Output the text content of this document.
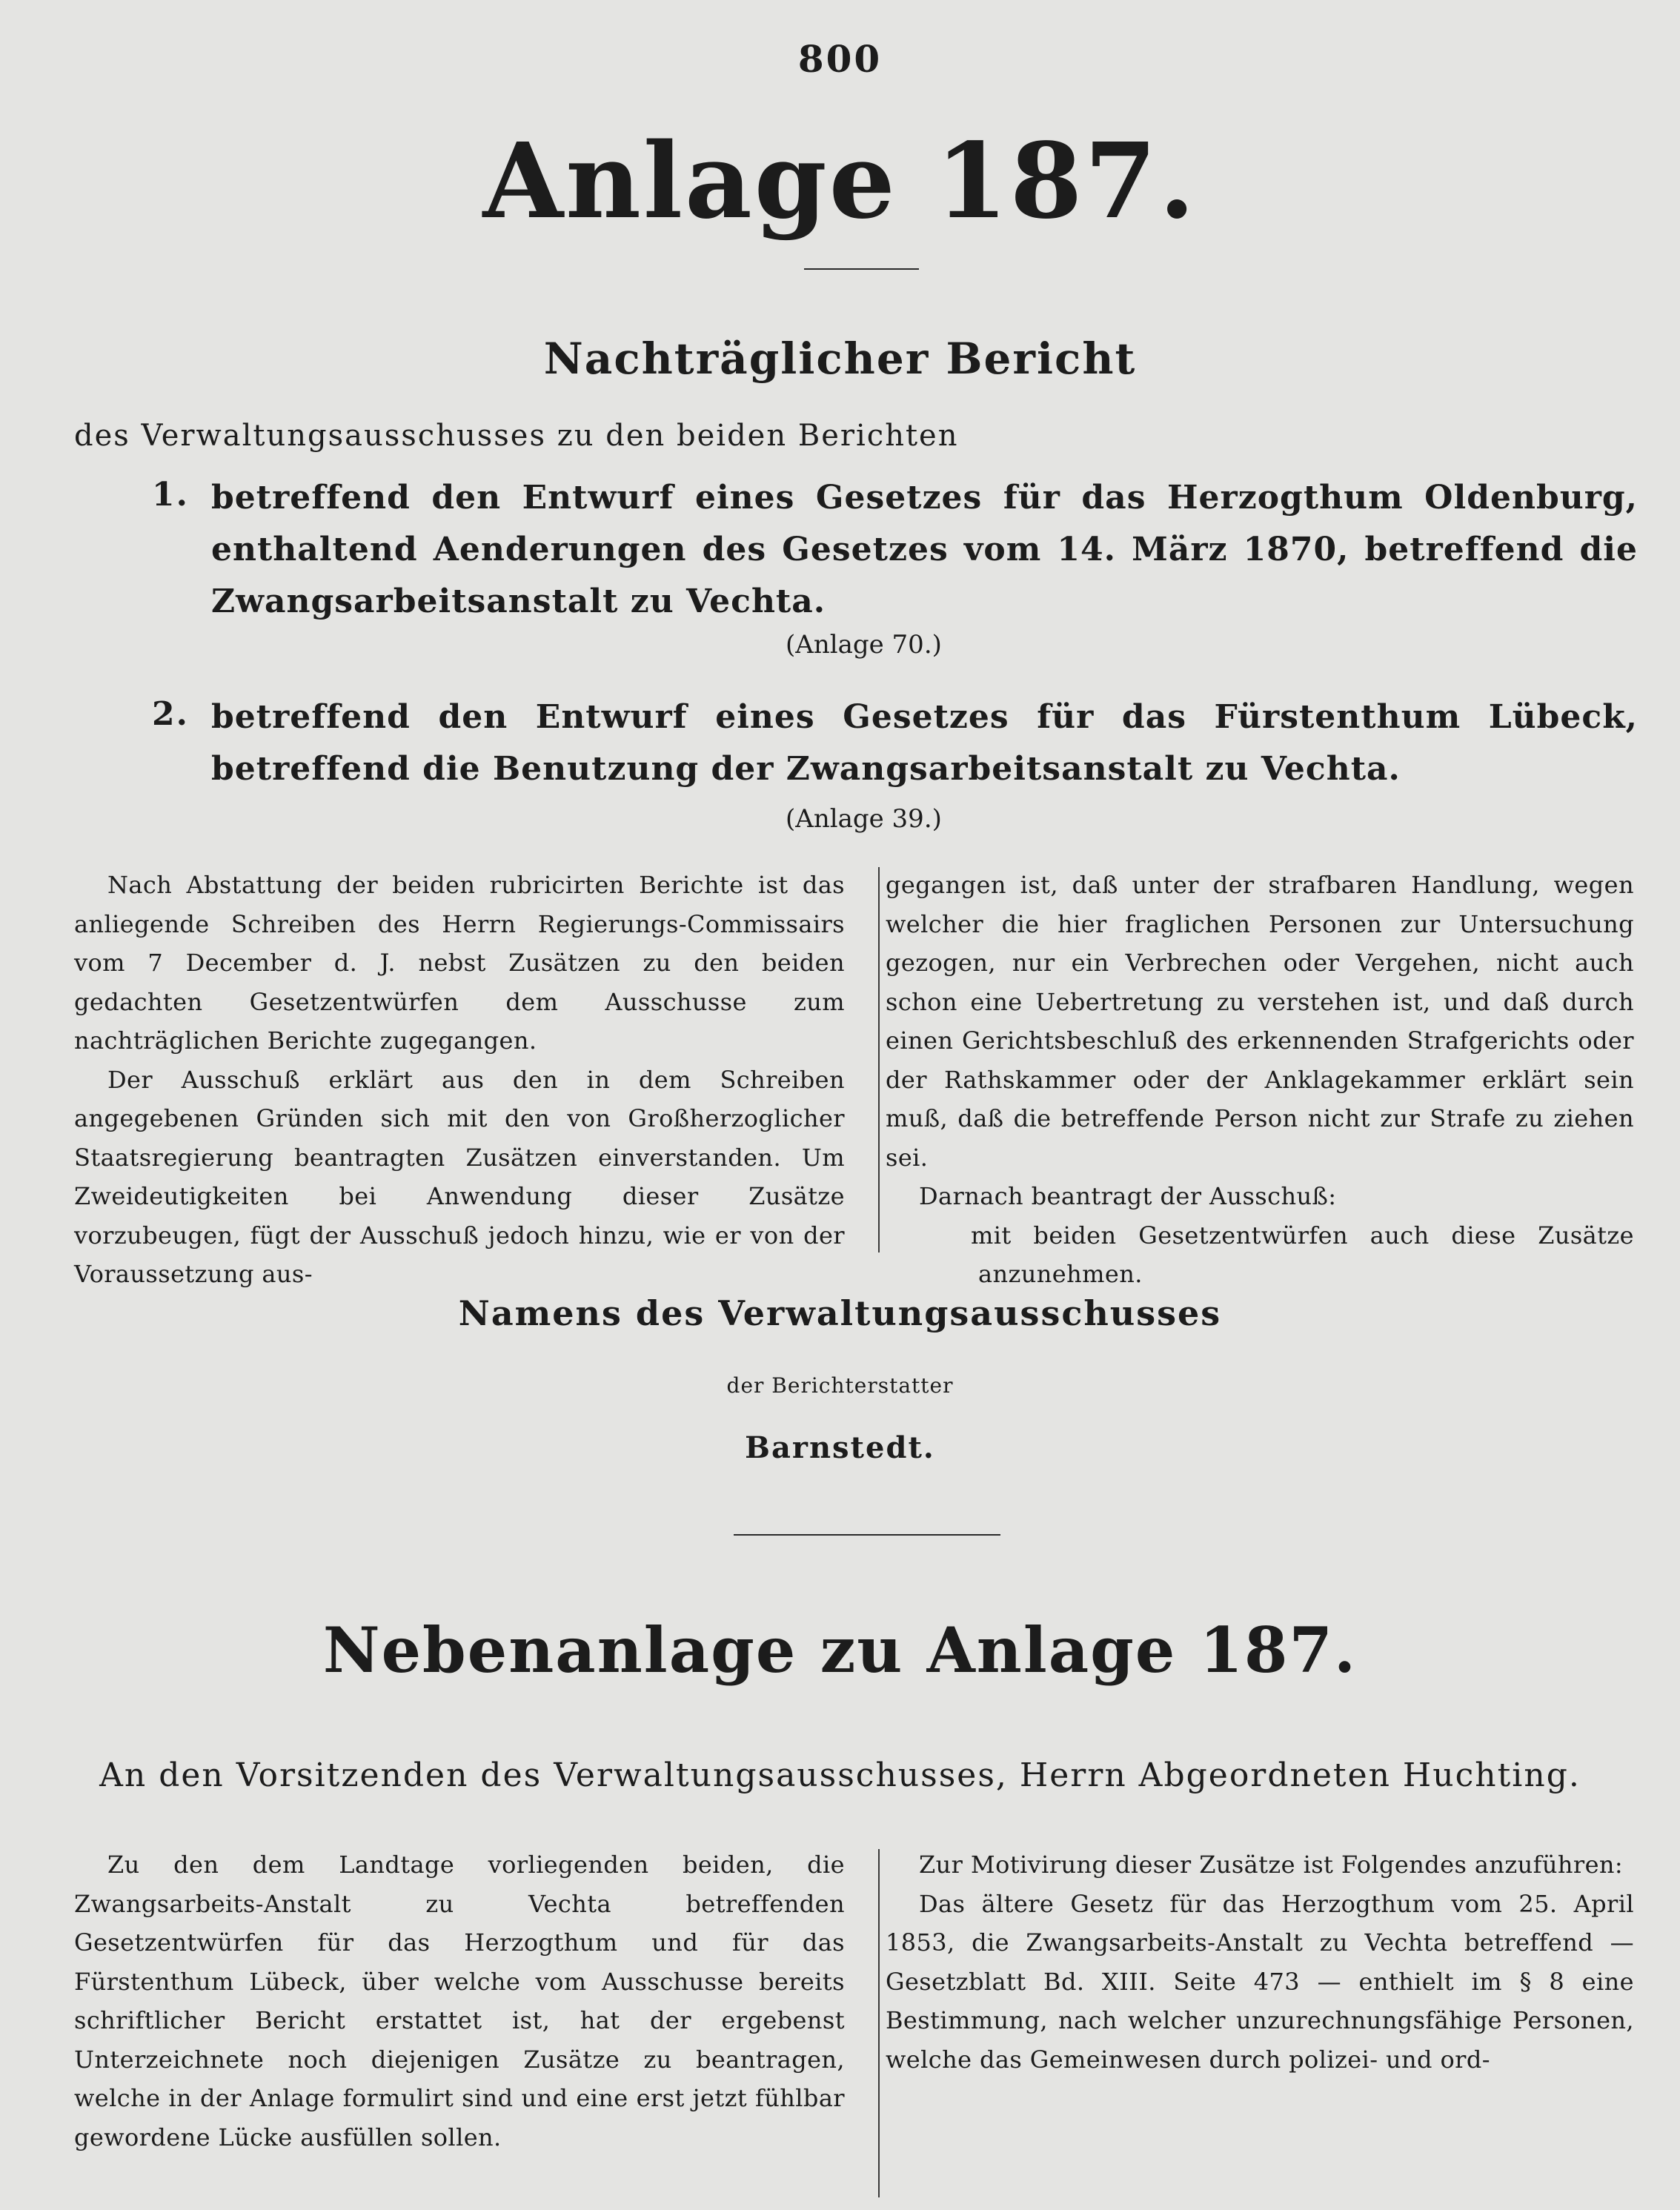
800
Anlage 187.
Nachträglicher Bericht
des Verwaltungsausschusses zu den beiden Berichten
1. betreffend den Entwurf eines Gesetzes für das Herzogthum Oldenburg, enthaltend Aenderungen des Gesetzes vom 14. März 1870, betreffend die Zwangsarbeitsanstalt zu Vechta.
(Anlage 70.)
2. betreffend den Entwurf eines Gesetzes für das Fürstenthum Lübeck, betreffend die Benutzung der Zwangsarbeitsanstalt zu Vechta.
(Anlage 39.)

Nach Abstattung der beiden rubricirten Berichte ist das anliegende Schreiben des Herrn Regierungs-Commissairs vom 7 December d. J. nebst Zusätzen zu den beiden gedachten Gesetzentwürfen dem Ausschusse zum nachträglichen Berichte zugegangen.

Der Ausschuß erklärt aus den in dem Schreiben angegebenen Gründen sich mit den von Großherzoglicher Staatsregierung beantragten Zusätzen einverstanden. Um Zweideutigkeiten bei Anwendung dieser Zusätze vorzubeugen, fügt der Ausschuß jedoch hinzu, wie er von der Voraussetzung aus-

gegangen ist, daß unter der strafbaren Handlung, wegen welcher die hier fraglichen Personen zur Untersuchung gezogen, nur ein Verbrechen oder Vergehen, nicht auch schon eine Uebertretung zu verstehen ist, und daß durch einen Gerichtsbeschluß des erkennenden Strafgerichts oder der Rathskammer oder der Anklagekammer erklärt sein muß, daß die betreffende Person nicht zur Strafe zu ziehen sei.

Darnach beantragt der Ausschuß:

mit beiden Gesetzentwürfen auch diese Zusätze anzunehmen.

Namens des Verwaltungsausschusses
der Berichterstatter
Barnstedt.
Nebenanlage zu Anlage 187.
An den Vorsitzenden des Verwaltungsausschusses, Herrn Abgeordneten Huchting.

Zu den dem Landtage vorliegenden beiden, die Zwangsarbeits-Anstalt zu Vechta betreffenden Gesetzentwürfen für das Herzogthum und für das Fürstenthum Lübeck, über welche vom Ausschusse bereits schriftlicher Bericht erstattet ist, hat der ergebenst Unterzeichnete noch diejenigen Zusätze zu beantragen, welche in der Anlage formulirt sind und eine erst jetzt fühlbar gewordene Lücke ausfüllen sollen.

Zur Motivirung dieser Zusätze ist Folgendes anzuführen:

Das ältere Gesetz für das Herzogthum vom 25. April 1853, die Zwangsarbeits-Anstalt zu Vechta betreffend — Gesetzblatt Bd. XIII. Seite 473 — enthielt im § 8 eine Bestimmung, nach welcher unzurechnungsfähige Personen, welche das Gemeinwesen durch polizei- und ord-
